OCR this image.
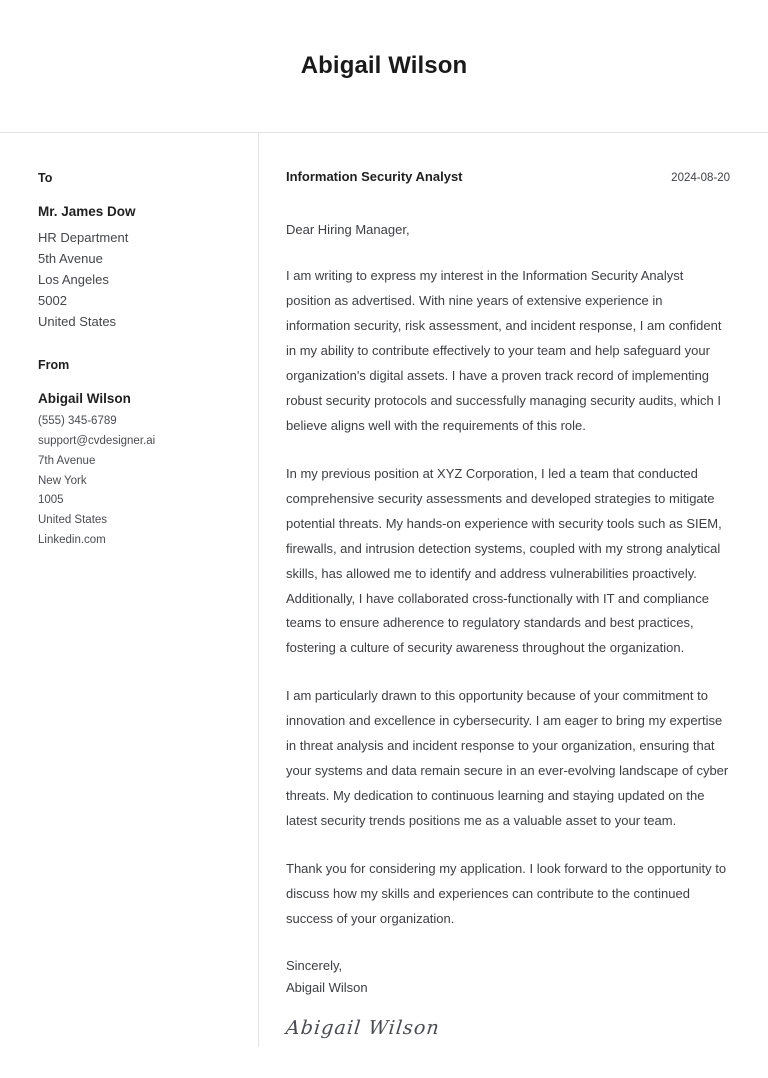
Abigail Wilson
To
Mr. James Dow
HR Department
5th Avenue
Los Angeles
5002
United States
From
Abigail Wilson
(555) 345-6789
support@cvdesigner.ai
7th Avenue
New York
1005
United States
Linkedin.com
Information Security Analyst	2024-08-20
Dear Hiring Manager,

I am writing to express my interest in the Information Security Analyst position as advertised. With nine years of extensive experience in information security, risk assessment, and incident response, I am confident in my ability to contribute effectively to your team and help safeguard your organization's digital assets. I have a proven track record of implementing robust security protocols and successfully managing security audits, which I believe aligns well with the requirements of this role.

In my previous position at XYZ Corporation, I led a team that conducted comprehensive security assessments and developed strategies to mitigate potential threats. My hands-on experience with security tools such as SIEM, firewalls, and intrusion detection systems, coupled with my strong analytical skills, has allowed me to identify and address vulnerabilities proactively. Additionally, I have collaborated cross-functionally with IT and compliance teams to ensure adherence to regulatory standards and best practices, fostering a culture of security awareness throughout the organization.

I am particularly drawn to this opportunity because of your commitment to innovation and excellence in cybersecurity. I am eager to bring my expertise in threat analysis and incident response to your organization, ensuring that your systems and data remain secure in an ever-evolving landscape of cyber threats. My dedication to continuous learning and staying updated on the latest security trends positions me as a valuable asset to your team.

Thank you for considering my application. I look forward to the opportunity to discuss how my skills and experiences can contribute to the continued success of your organization.

Sincerely,
Abigail Wilson
Abigail Wilson
